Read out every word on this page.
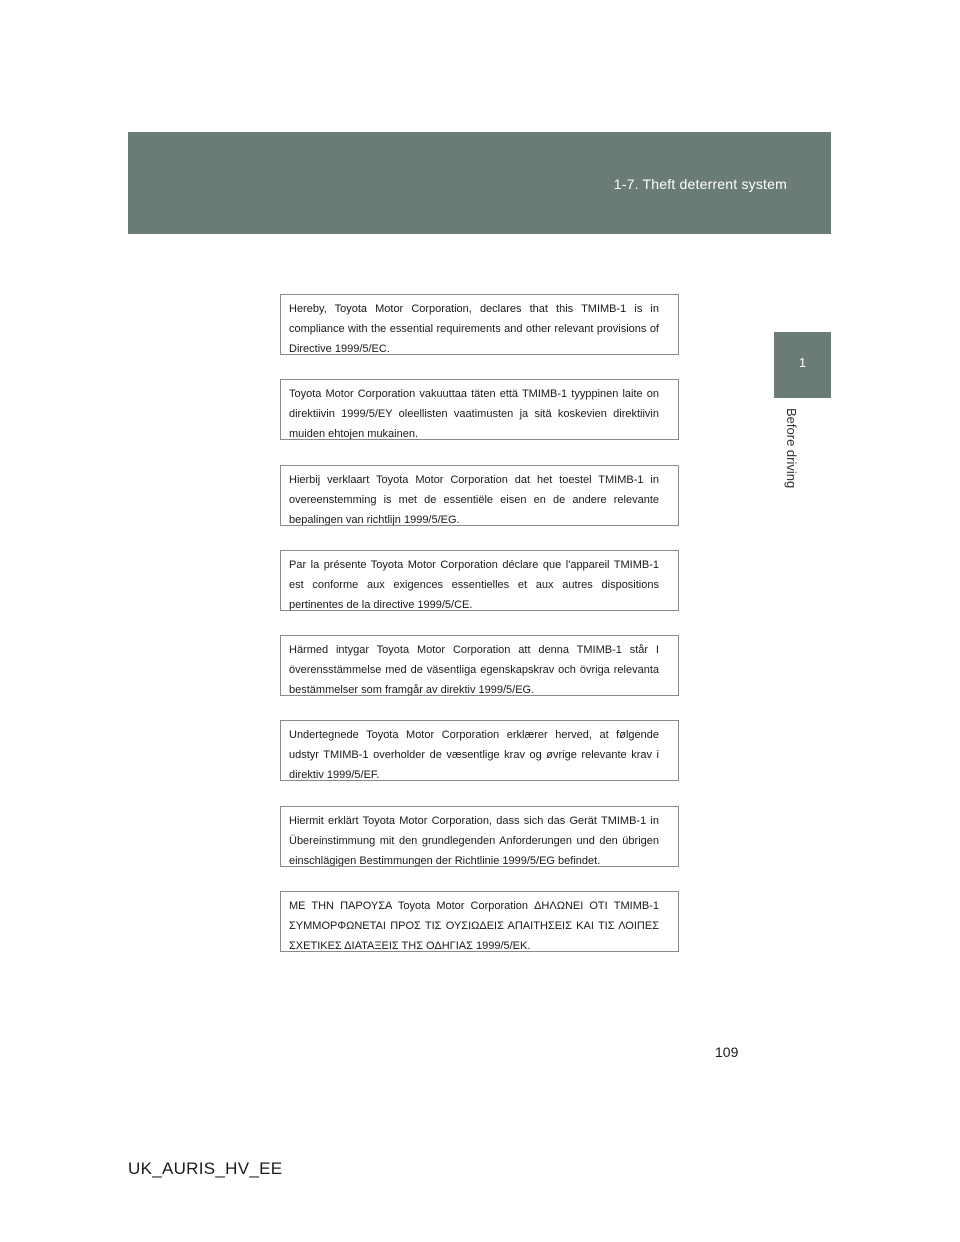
1-7. Theft deterrent system
1
Before driving
Hereby, Toyota Motor Corporation, declares that this TMIMB-1 is in compliance with the essential requirements and other relevant provisions of Directive 1999/5/EC.
Toyota Motor Corporation vakuuttaa täten että TMIMB-1 tyyppinen laite on direktiivin 1999/5/EY oleellisten vaatimusten ja sitä koskevien direktiivin muiden ehtojen mukainen.
Hierbij verklaart Toyota Motor Corporation dat het toestel TMIMB-1 in overeenstemming is met de essentiële eisen en de andere relevante bepalingen van richtlijn 1999/5/EG.
Par la présente Toyota Motor Corporation déclare que l'appareil TMIMB-1 est conforme aux exigences essentielles et aux autres dispositions pertinentes de la directive 1999/5/CE.
Härmed intygar Toyota Motor Corporation att denna TMIMB-1 står I överensstämmelse med de väsentliga egenskapskrav och övriga relevanta bestämmelser som framgår av direktiv 1999/5/EG.
Undertegnede Toyota Motor Corporation erklærer herved, at følgende udstyr TMIMB-1 overholder de væsentlige krav og øvrige relevante krav i direktiv 1999/5/EF.
Hiermit erklärt Toyota Motor Corporation, dass sich das Gerät TMIMB-1 in Übereinstimmung mit den grundlegenden Anforderungen und den übrigen einschlägigen Bestimmungen der Richtlinie 1999/5/EG befindet.
ΜΕ ΤΗΝ ΠΑΡΟΥΣΑ Toyota Motor Corporation ΔΗΛΩΝΕΙ ΟΤΙ TMIMB-1 ΣΥΜΜΟΡΦΩΝΕΤΑΙ ΠΡΟΣ ΤΙΣ ΟΥΣΙΩΔΕΙΣ ΑΠΑΙΤΗΣΕΙΣ ΚΑΙ ΤΙΣ ΛΟΙΠΕΣ ΣΧΕΤΙΚΕΣ ΔΙΑΤΑΞΕΙΣ ΤΗΣ ΟΔΗΓΙΑΣ 1999/5/ΕΚ.
109
UK_AURIS_HV_EE
